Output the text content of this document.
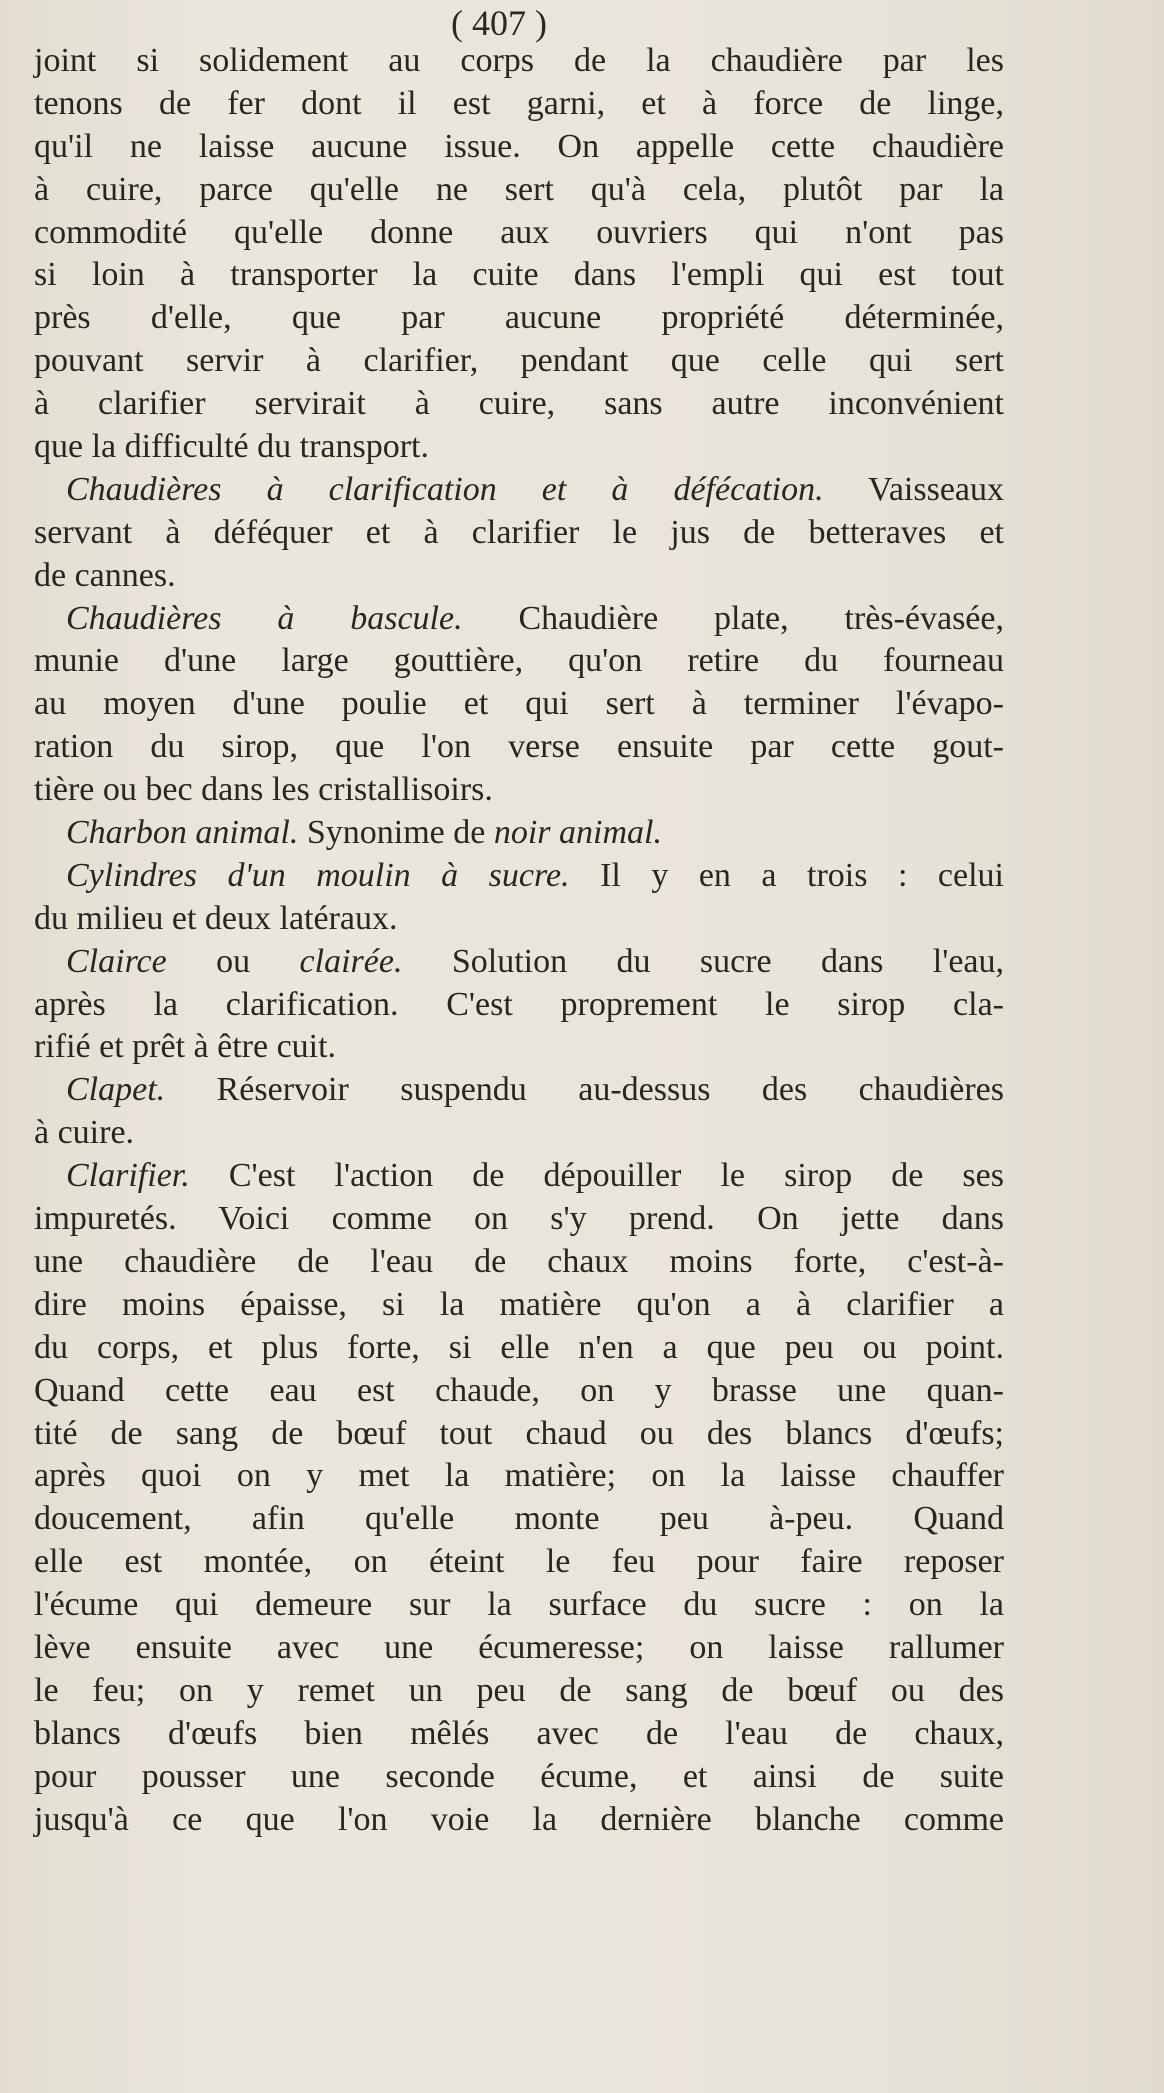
( 407 )
joint si solidement au corps de la chaudière par les
tenons de fer dont il est garni, et à force de linge,
qu'il ne laisse aucune issue. On appelle cette chaudière
à cuire, parce qu'elle ne sert qu'à cela, plutôt par la
commodité qu'elle donne aux ouvriers qui n'ont pas
si loin à transporter la cuite dans l'empli qui est tout
près d'elle, que par aucune propriété déterminée,
pouvant servir à clarifier, pendant que celle qui sert
à clarifier servirait à cuire, sans autre inconvénient
que la difficulté du transport.
Chaudières à clarification et à défécation. Vaisseaux
servant à déféquer et à clarifier le jus de betteraves et
de cannes.
Chaudières à bascule. Chaudière plate, très-évasée,
munie d'une large gouttière, qu'on retire du fourneau
au moyen d'une poulie et qui sert à terminer l'évapo-
ration du sirop, que l'on verse ensuite par cette gout-
tière ou bec dans les cristallisoirs.
Charbon animal. Synonime de noir animal.
Cylindres d'un moulin à sucre. Il y en a trois : celui
du milieu et deux latéraux.
Clairce ou clairée. Solution du sucre dans l'eau,
après la clarification. C'est proprement le sirop cla-
rifié et prêt à être cuit.
Clapet. Réservoir suspendu au-dessus des chaudières
à cuire.
Clarifier. C'est l'action de dépouiller le sirop de ses
impuretés. Voici comme on s'y prend. On jette dans
une chaudière de l'eau de chaux moins forte, c'est-à-
dire moins épaisse, si la matière qu'on a à clarifier a
du corps, et plus forte, si elle n'en a que peu ou point.
Quand cette eau est chaude, on y brasse une quan-
tité de sang de bœuf tout chaud ou des blancs d'œufs;
après quoi on y met la matière; on la laisse chauffer
doucement, afin qu'elle monte peu à-peu. Quand
elle est montée, on éteint le feu pour faire reposer
l'écume qui demeure sur la surface du sucre : on la
lève ensuite avec une écumeresse; on laisse rallumer
le feu; on y remet un peu de sang de bœuf ou des
blancs d'œufs bien mêlés avec de l'eau de chaux,
pour pousser une seconde écume, et ainsi de suite
jusqu'à ce que l'on voie la dernière blanche comme
